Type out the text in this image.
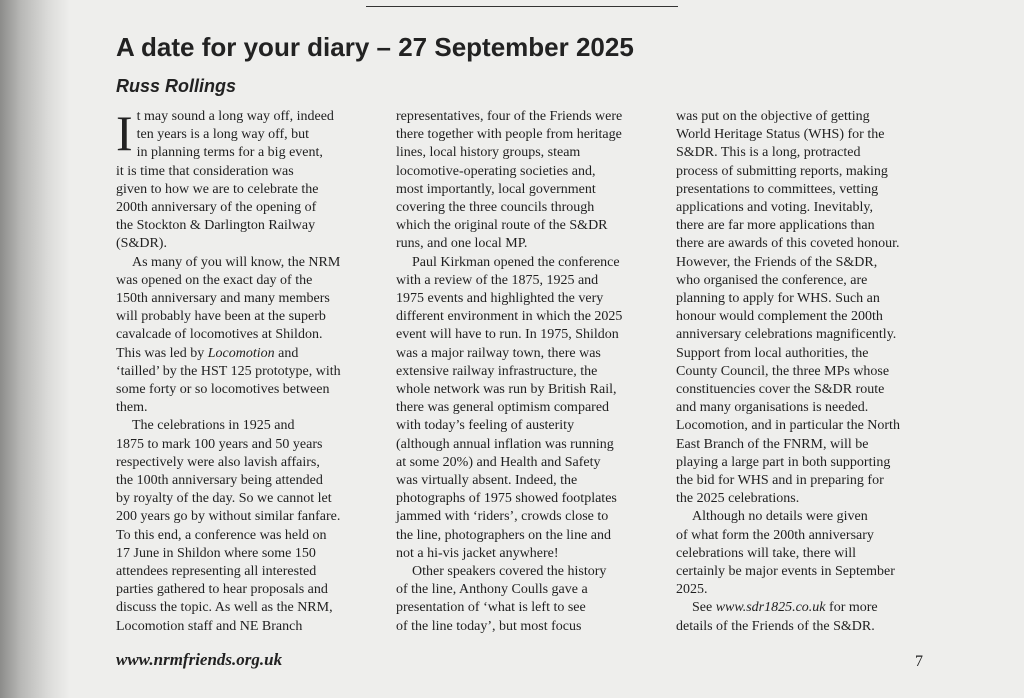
A date for your diary – 27 September 2025
Russ Rollings
I t may sound a long way off, indeed

ten years is a long way off, but

in planning terms for a big event,

it is time that consideration was

given to how we are to celebrate the

200th anniversary of the opening of

the Stockton & Darlington Railway

(S&DR).

As many of you will know, the NRM

was opened on the exact day of the

150th anniversary and many members

will probably have been at the superb

cavalcade of locomotives at Shildon.

This was led by Locomotion and

‘tailled’ by the HST 125 prototype, with

some forty or so locomotives between

them.

The celebrations in 1925 and

1875 to mark 100 years and 50 years

respectively were also lavish affairs,

the 100th anniversary being attended

by royalty of the day. So we cannot let

200 years go by without similar fanfare.

To this end, a conference was held on

17 June in Shildon where some 150

attendees representing all interested

parties gathered to hear proposals and

discuss the topic. As well as the NRM,

Locomotion staff and NE Branch

representatives, four of the Friends were

there together with people from heritage

lines, local history groups, steam

locomotive-operating societies and,

most importantly, local government

covering the three councils through

which the original route of the S&DR

runs, and one local MP.

Paul Kirkman opened the conference

with a review of the 1875, 1925 and

1975 events and highlighted the very

different environment in which the 2025

event will have to run. In 1975, Shildon

was a major railway town, there was

extensive railway infrastructure, the

whole network was run by British Rail,

there was general optimism compared

with today’s feeling of austerity

(although annual inflation was running

at some 20%) and Health and Safety

was virtually absent. Indeed, the

photographs of 1975 showed footplates

jammed with ‘riders’, crowds close to

the line, photographers on the line and

not a hi-vis jacket anywhere!

Other speakers covered the history

of the line, Anthony Coulls gave a

presentation of ‘what is left to see

of the line today’, but most focus

was put on the objective of getting

World Heritage Status (WHS) for the

S&DR. This is a long, protracted

process of submitting reports, making

presentations to committees, vetting

applications and voting. Inevitably,

there are far more applications than

there are awards of this coveted honour.

However, the Friends of the S&DR,

who organised the conference, are

planning to apply for WHS. Such an

honour would complement the 200th

anniversary celebrations magnificently.

Support from local authorities, the

County Council, the three MPs whose

constituencies cover the S&DR route

and many organisations is needed.

Locomotion, and in particular the North

East Branch of the FNRM, will be

playing a large part in both supporting

the bid for WHS and in preparing for

the 2025 celebrations.

Although no details were given

of what form the 200th anniversary

celebrations will take, there will

certainly be major events in September

2025.

See www.sdr1825.co.uk for more

details of the Friends of the S&DR.

www.nrmfriends.org.uk	7
